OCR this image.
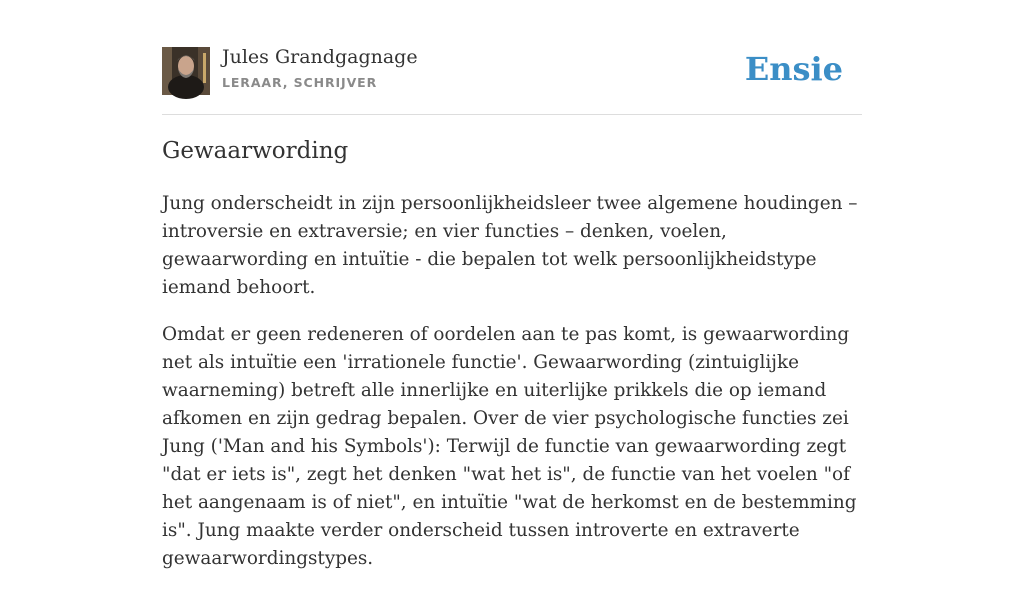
Jules Grandgagnage
LERAAR, SCHRIJVER	Ensie
Gewaarwording

Jung onderscheidt in zijn persoonlijkheidsleer twee algemene houdingen – introversie en extraversie; en vier functies – denken, voelen, gewaarwording en intuïtie - die bepalen tot welk persoonlijkheidstype iemand behoort.

Omdat er geen redeneren of oordelen aan te pas komt, is gewaarwording net als intuïtie een 'irrationele functie'. Gewaarwording (zintuiglijke waarneming) betreft alle innerlijke en uiterlijke prikkels die op iemand afkomen en zijn gedrag bepalen. Over de vier psychologische functies zei Jung ('Man and his Symbols'): Terwijl de functie van gewaarwording zegt "dat er iets is", zegt het denken "wat het is", de functie van het voelen "of het aangenaam is of niet", en intuïtie "wat de herkomst en de bestemming is". Jung maakte verder onderscheid tussen introverte en extraverte gewaarwordingstypes.
